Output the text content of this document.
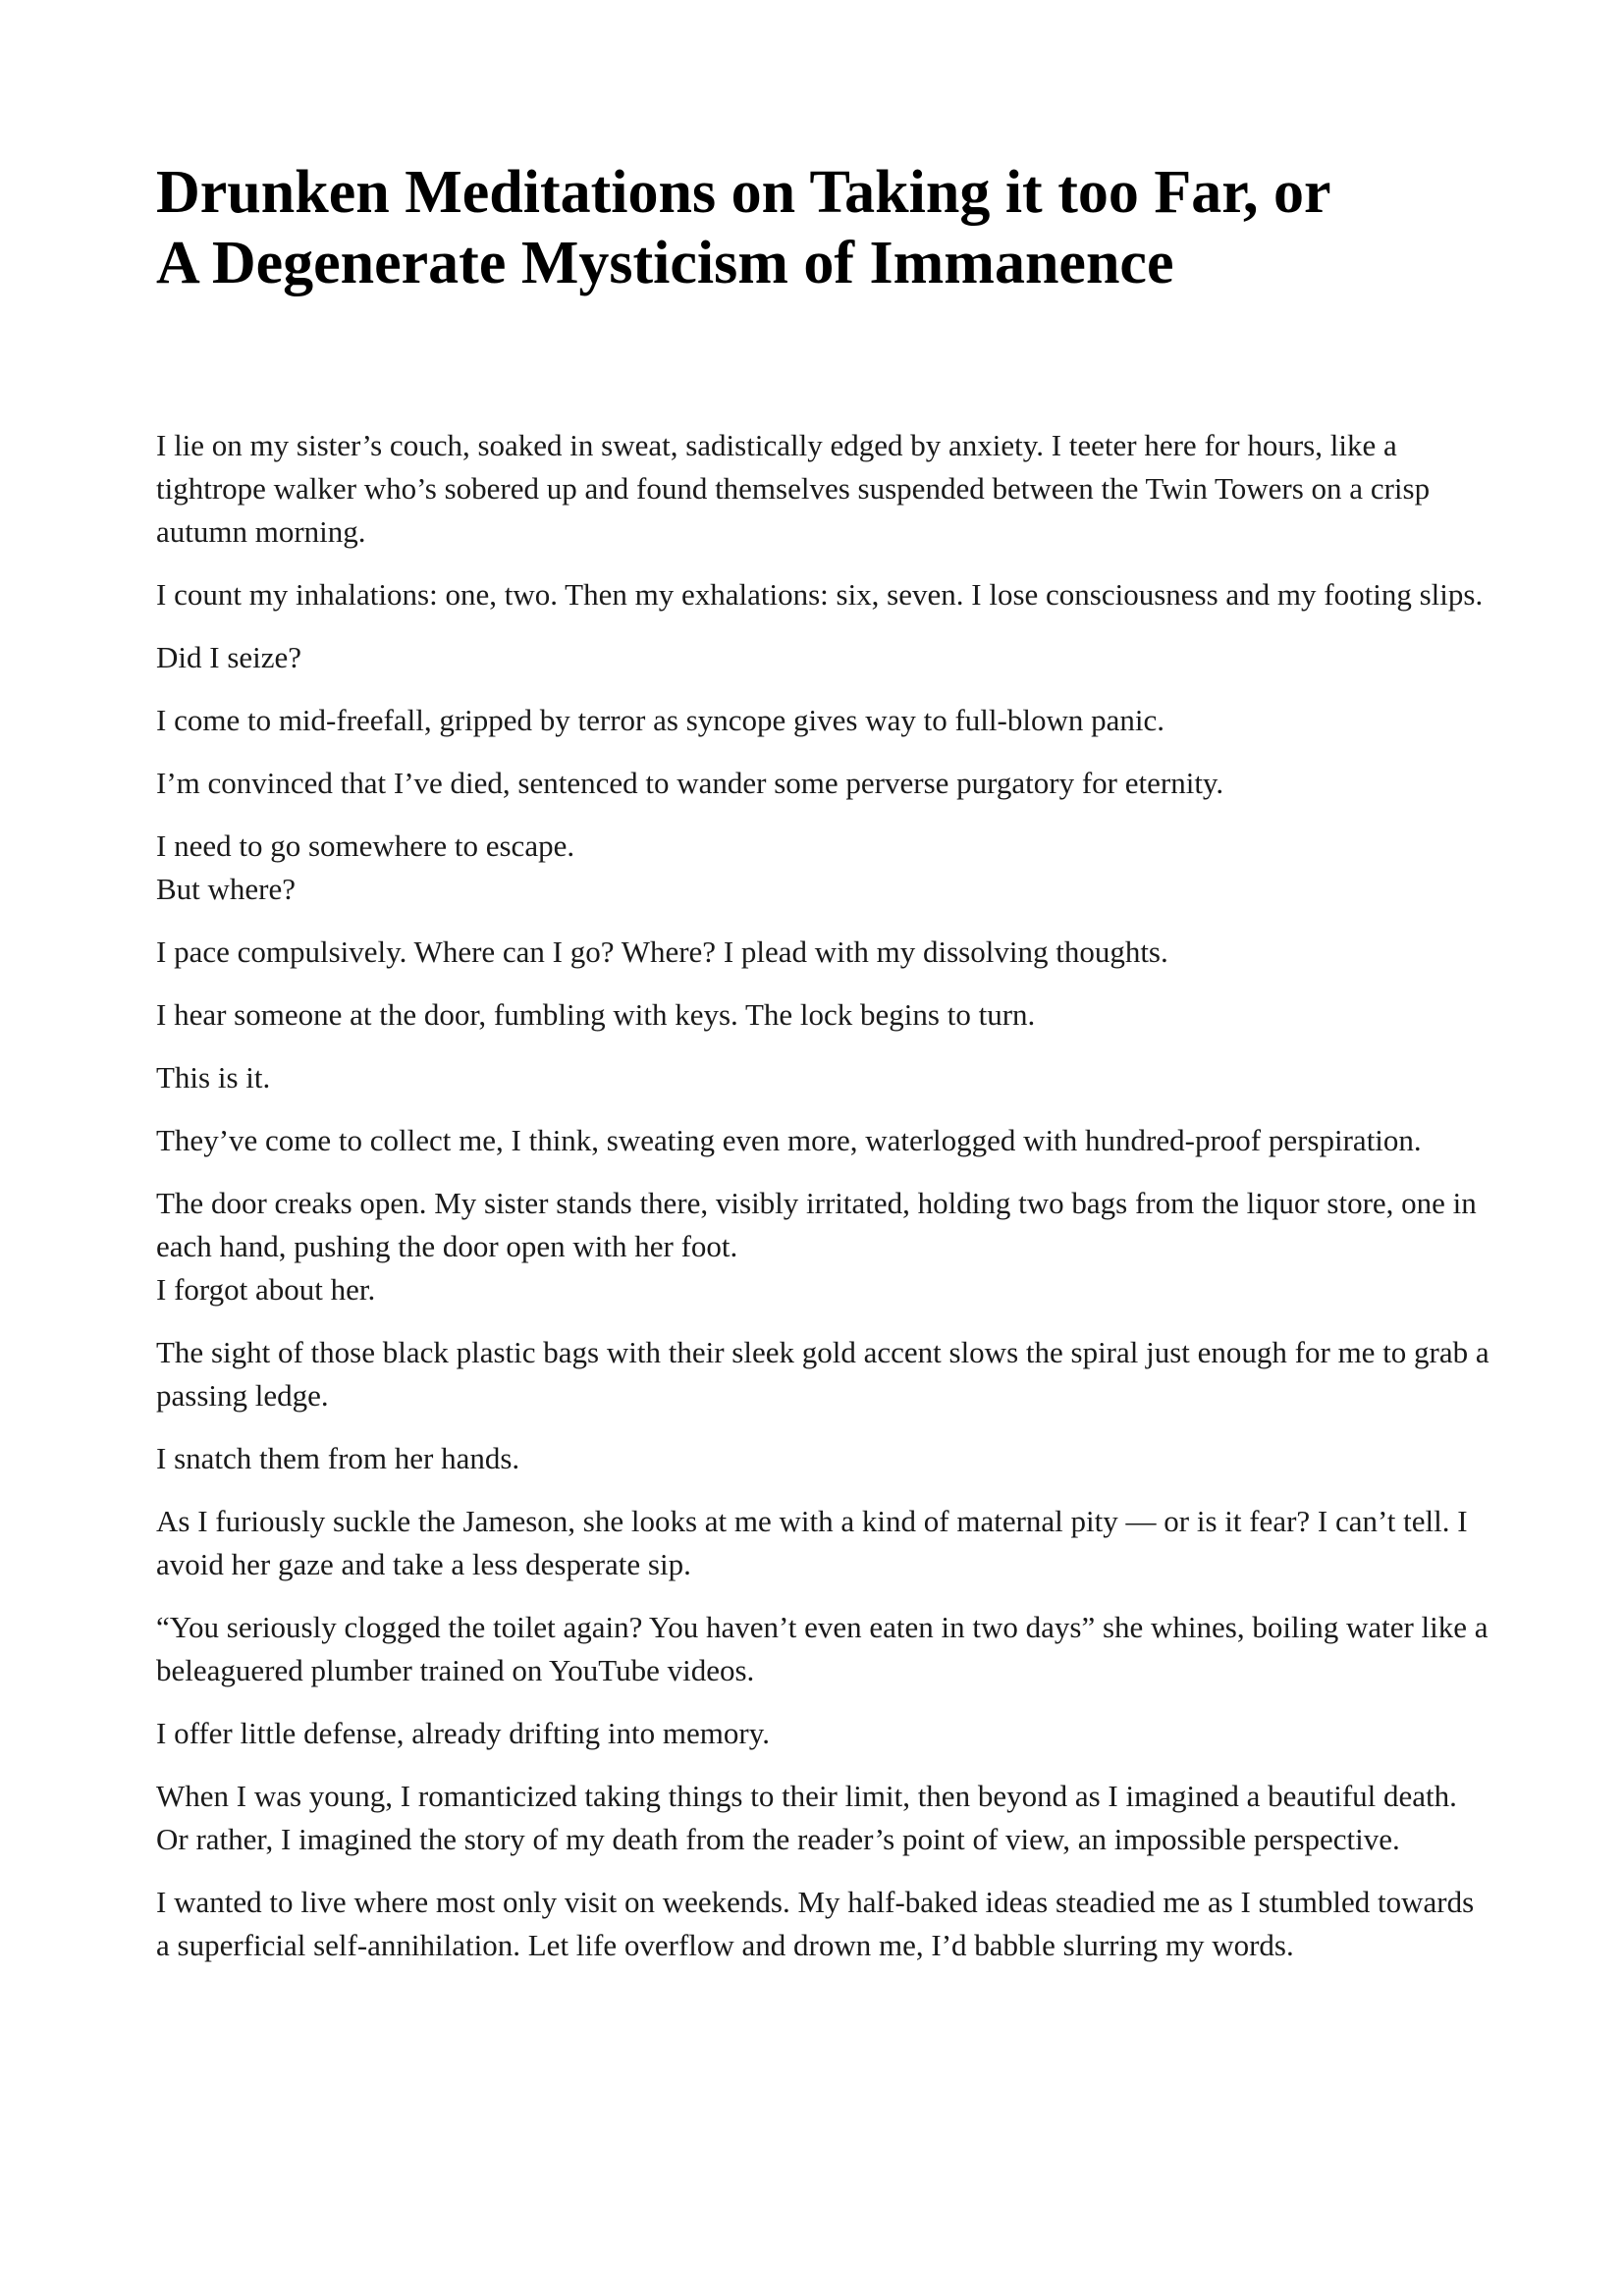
Drunken Meditations on Taking it too Far, or
A Degenerate Mysticism of Immanence

I lie on my sister’s couch, soaked in sweat, sadistically edged by anxiety. I teeter here for hours, like a tightrope walker who’s sobered up and found themselves suspended between the Twin Towers on a crisp autumn morning.

I count my inhalations: one, two. Then my exhalations: six, seven. I lose consciousness and my footing slips.

Did I seize?

I come to mid-freefall, gripped by terror as syncope gives way to full-blown panic.

I’m convinced that I’ve died, sentenced to wander some perverse purgatory for eternity.

I need to go somewhere to escape.
But where?

I pace compulsively. Where can I go? Where? I plead with my dissolving thoughts.

I hear someone at the door, fumbling with keys. The lock begins to turn.

This is it.

They’ve come to collect me, I think, sweating even more, waterlogged with hundred-proof perspiration.

The door creaks open. My sister stands there, visibly irritated, holding two bags from the liquor store, one in each hand, pushing the door open with her foot.
I forgot about her.

The sight of those black plastic bags with their sleek gold accent slows the spiral just enough for me to grab a passing ledge.

I snatch them from her hands.

As I furiously suckle the Jameson, she looks at me with a kind of maternal pity — or is it fear? I can’t tell. I avoid her gaze and take a less desperate sip.

“You seriously clogged the toilet again? You haven’t even eaten in two days” she whines, boiling water like a beleaguered plumber trained on YouTube videos.

I offer little defense, already drifting into memory.

When I was young, I romanticized taking things to their limit, then beyond as I imagined a beautiful death. Or rather, I imagined the story of my death from the reader’s point of view, an impossible perspective.

I wanted to live where most only visit on weekends. My half-baked ideas steadied me as I stumbled towards a superficial self-annihilation. Let life overflow and drown me, I’d babble slurring my words.
